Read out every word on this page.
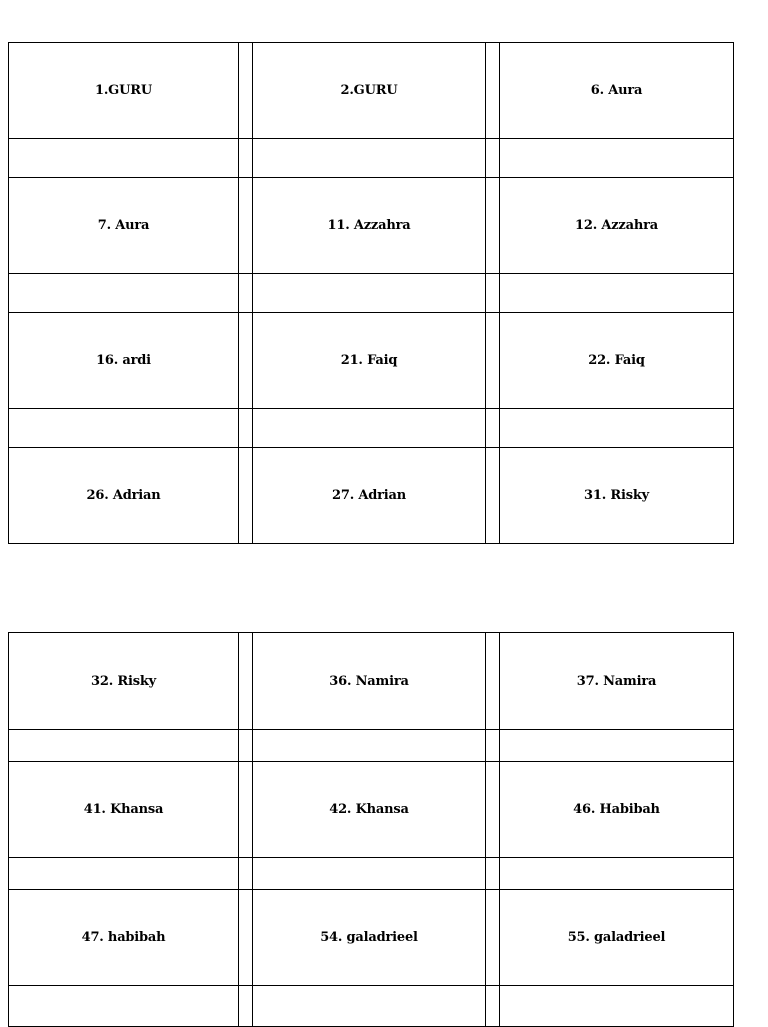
1.GURU		2.GURU		6. Aura

7. Aura		11. Azzahra		12. Azzahra

16. ardi		21. Faiq		22. Faiq

26. Adrian		27. Adrian		31. Risky
32. Risky		36. Namira		37. Namira

41. Khansa		42. Khansa		46. Habibah

47. habibah		54. galadrieel		55. galadrieel
